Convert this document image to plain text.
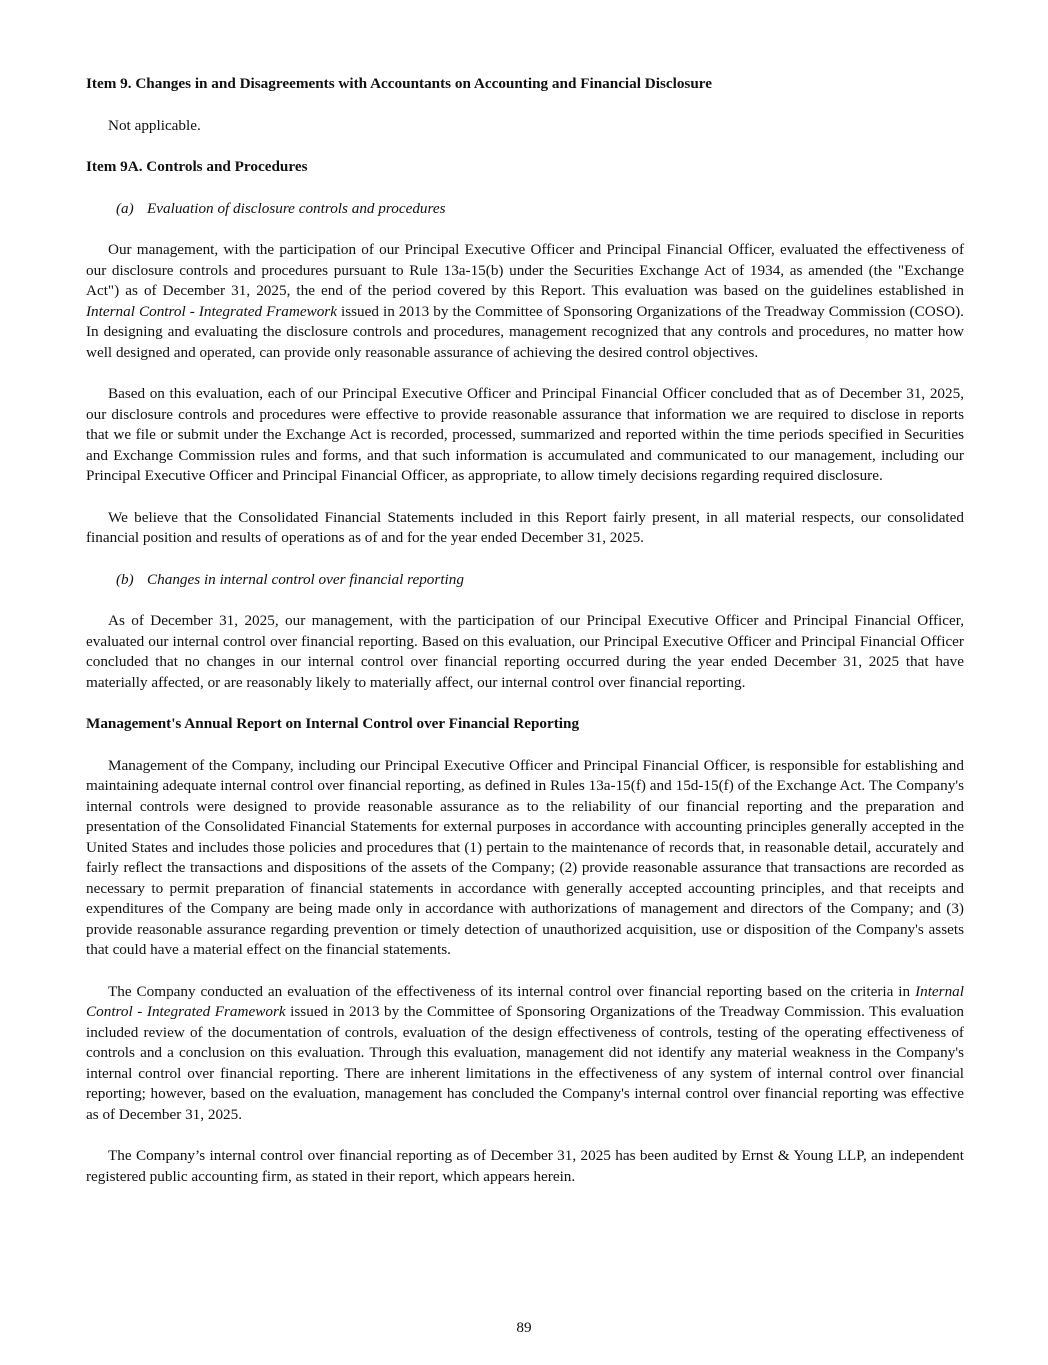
Item 9. Changes in and Disagreements with Accountants on Accounting and Financial Disclosure

Not applicable.

Item 9A. Controls and Procedures
(a) Evaluation of disclosure controls and procedures

Our management, with the participation of our Principal Executive Officer and Principal Financial Officer, evaluated the effectiveness of our disclosure controls and procedures pursuant to Rule 13a-15(b) under the Securities Exchange Act of 1934, as amended (the "Exchange Act") as of December 31, 2025, the end of the period covered by this Report. This evaluation was based on the guidelines established in Internal Control - Integrated Framework issued in 2013 by the Committee of Sponsoring Organizations of the Treadway Commission (COSO). In designing and evaluating the disclosure controls and procedures, management recognized that any controls and procedures, no matter how well designed and operated, can provide only reasonable assurance of achieving the desired control objectives.

Based on this evaluation, each of our Principal Executive Officer and Principal Financial Officer concluded that as of December 31, 2025, our disclosure controls and procedures were effective to provide reasonable assurance that information we are required to disclose in reports that we file or submit under the Exchange Act is recorded, processed, summarized and reported within the time periods specified in Securities and Exchange Commission rules and forms, and that such information is accumulated and communicated to our management, including our Principal Executive Officer and Principal Financial Officer, as appropriate, to allow timely decisions regarding required disclosure.

We believe that the Consolidated Financial Statements included in this Report fairly present, in all material respects, our consolidated financial position and results of operations as of and for the year ended December 31, 2025.

(b) Changes in internal control over financial reporting

As of December 31, 2025, our management, with the participation of our Principal Executive Officer and Principal Financial Officer, evaluated our internal control over financial reporting. Based on this evaluation, our Principal Executive Officer and Principal Financial Officer concluded that no changes in our internal control over financial reporting occurred during the year ended December 31, 2025 that have materially affected, or are reasonably likely to materially affect, our internal control over financial reporting.

Management's Annual Report on Internal Control over Financial Reporting

Management of the Company, including our Principal Executive Officer and Principal Financial Officer, is responsible for establishing and maintaining adequate internal control over financial reporting, as defined in Rules 13a-15(f) and 15d-15(f) of the Exchange Act. The Company's internal controls were designed to provide reasonable assurance as to the reliability of our financial reporting and the preparation and presentation of the Consolidated Financial Statements for external purposes in accordance with accounting principles generally accepted in the United States and includes those policies and procedures that (1) pertain to the maintenance of records that, in reasonable detail, accurately and fairly reflect the transactions and dispositions of the assets of the Company; (2) provide reasonable assurance that transactions are recorded as necessary to permit preparation of financial statements in accordance with generally accepted accounting principles, and that receipts and expenditures of the Company are being made only in accordance with authorizations of management and directors of the Company; and (3) provide reasonable assurance regarding prevention or timely detection of unauthorized acquisition, use or disposition of the Company's assets that could have a material effect on the financial statements.

The Company conducted an evaluation of the effectiveness of its internal control over financial reporting based on the criteria in Internal Control - Integrated Framework issued in 2013 by the Committee of Sponsoring Organizations of the Treadway Commission. This evaluation included review of the documentation of controls, evaluation of the design effectiveness of controls, testing of the operating effectiveness of controls and a conclusion on this evaluation. Through this evaluation, management did not identify any material weakness in the Company's internal control over financial reporting. There are inherent limitations in the effectiveness of any system of internal control over financial reporting; however, based on the evaluation, management has concluded the Company's internal control over financial reporting was effective as of December 31, 2025.

The Company’s internal control over financial reporting as of December 31, 2025 has been audited by Ernst & Young LLP, an independent registered public accounting firm, as stated in their report, which appears herein.

89
